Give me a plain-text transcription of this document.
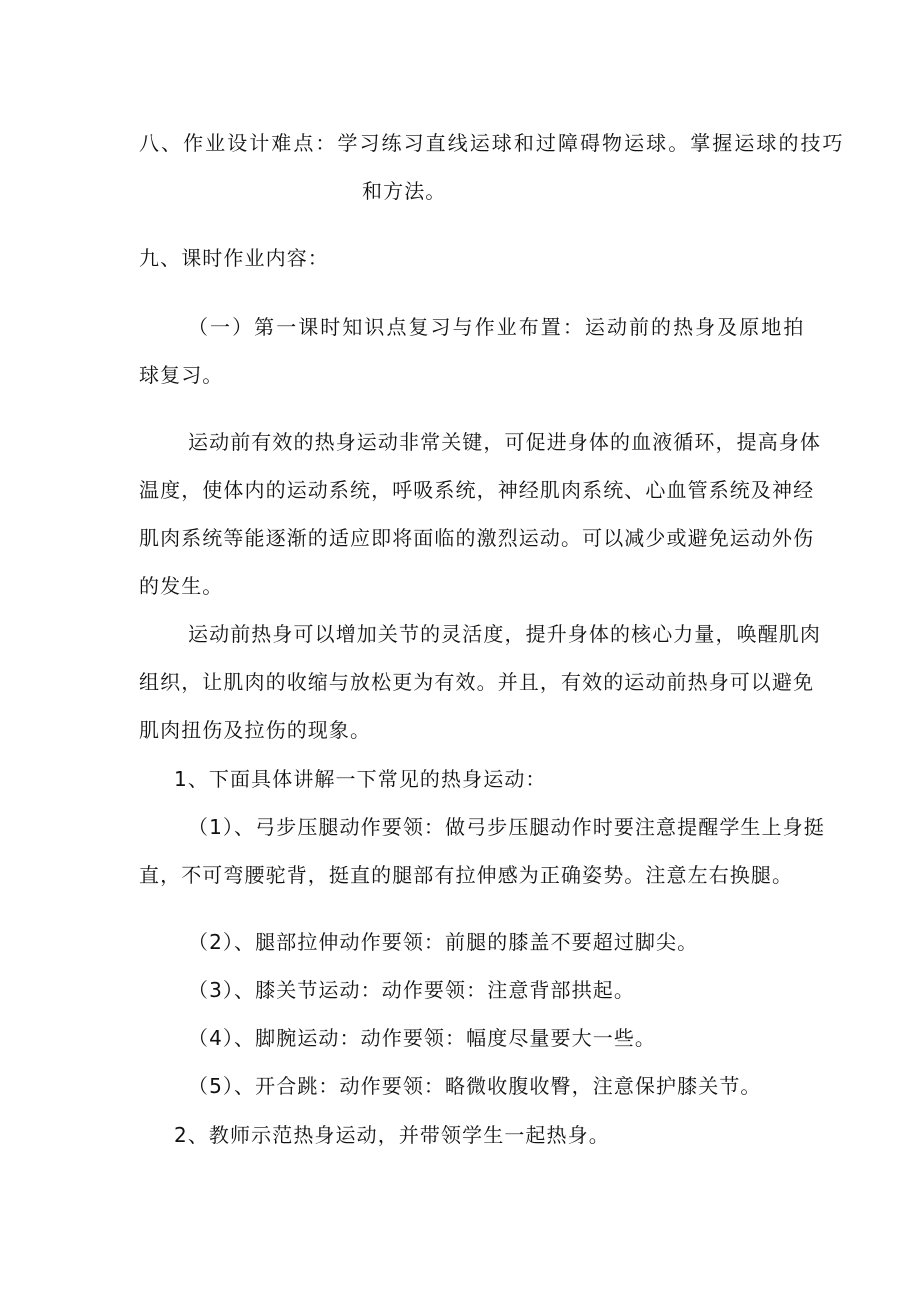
八、作业设计难点：学习练习直线运球和过障碍物运球。掌握运球的技巧
和方法。
九、课时作业内容：
（一）第一课时知识点复习与作业布置：运动前的热身及原地拍
球复习。
运动前有效的热身运动非常关键，可促进身体的血液循环，提高身体
温度，使体内的运动系统，呼吸系统，神经肌肉系统、心血管系统及神经
肌肉系统等能逐渐的适应即将面临的激烈运动。可以减少或避免运动外伤
的发生。
运动前热身可以增加关节的灵活度，提升身体的核心力量，唤醒肌肉
组织，让肌肉的收缩与放松更为有效。并且，有效的运动前热身可以避免
肌肉扭伤及拉伤的现象。
1、下面具体讲解一下常见的热身运动：
（1）、弓步压腿动作要领：做弓步压腿动作时要注意提醒学生上身挺
直，不可弯腰驼背，挺直的腿部有拉伸感为正确姿势。注意左右换腿。
（2）、腿部拉伸动作要领：前腿的膝盖不要超过脚尖。
（3）、膝关节运动：动作要领：注意背部拱起。
（4）、脚腕运动：动作要领：幅度尽量要大一些。
（5）、开合跳：动作要领：略微收腹收臀，注意保护膝关节。
2、教师示范热身运动，并带领学生一起热身。
